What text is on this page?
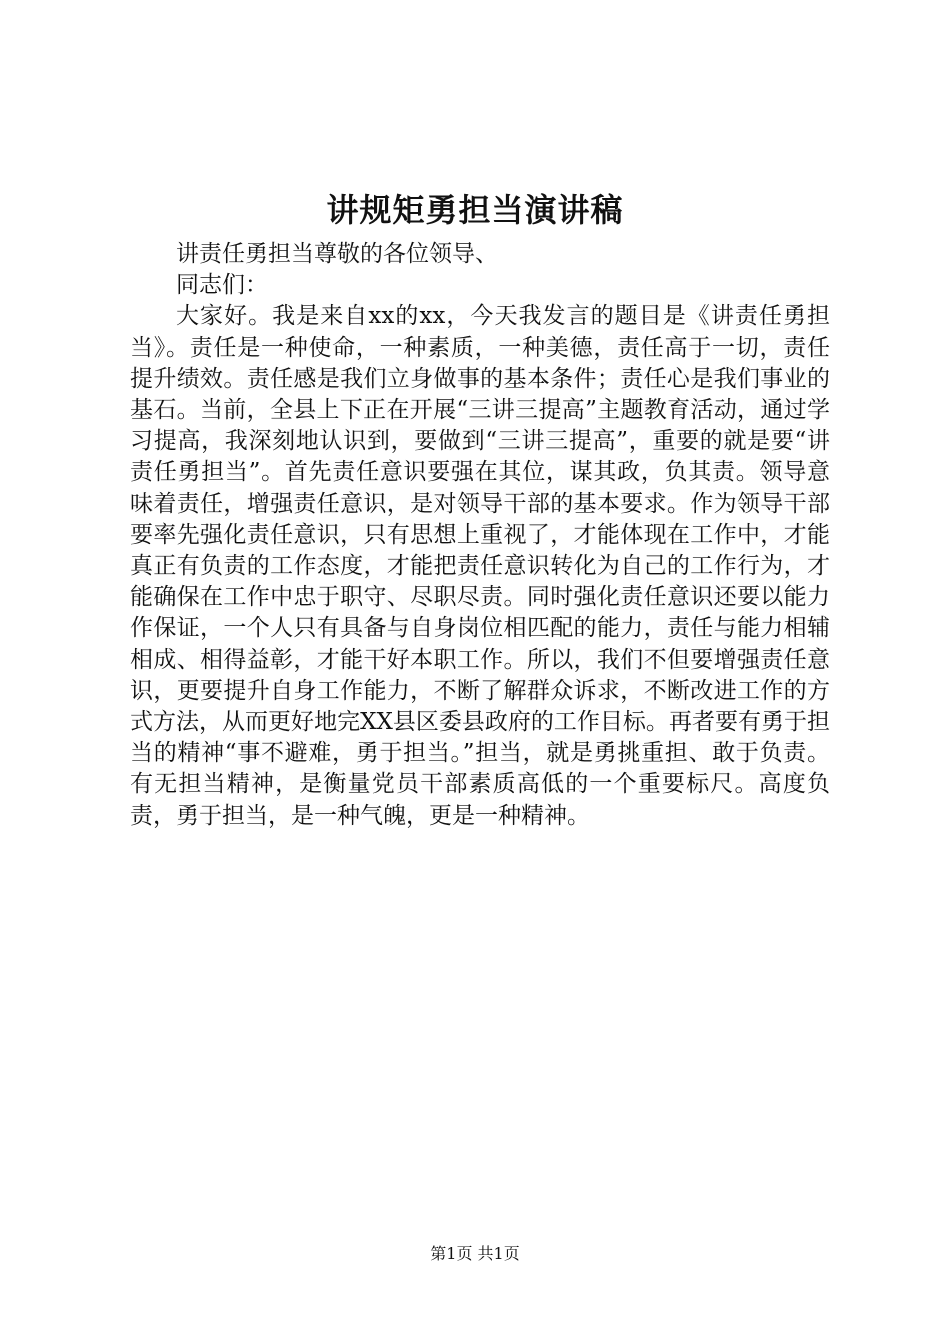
讲规矩勇担当演讲稿

讲责任勇担当尊敬的各位领导、

同志们：

大家好。我是来自xx的xx，今天我发言的题目是《讲责任勇担当》。责任是一种使命，一种素质，一种美德，责任高于一切，责任提升绩效。责任感是我们立身做事的基本条件；责任心是我们事业的基石。当前，全县上下正在开展“三讲三提高”主题教育活动，通过学习提高，我深刻地认识到，要做到“三讲三提高”，重要的就是要“讲责任勇担当”。首先责任意识要强在其位，谋其政，负其责。领导意味着责任，增强责任意识，是对领导干部的基本要求。作为领导干部要率先强化责任意识，只有思想上重视了，才能体现在工作中，才能真正有负责的工作态度，才能把责任意识转化为自己的工作行为，才能确保在工作中忠于职守、尽职尽责。同时强化责任意识还要以能力作保证，一个人只有具备与自身岗位相匹配的能力，责任与能力相辅相成、相得益彰，才能干好本职工作。所以，我们不但要增强责任意识，更要提升自身工作能力，不断了解群众诉求，不断改进工作的方式方法，从而更好地完XX县区委县政府的工作目标。再者要有勇于担当的精神“事不避难，勇于担当。”担当，就是勇挑重担、敢于负责。有无担当精神，是衡量党员干部素质高低的一个重要标尺。高度负责，勇于担当，是一种气魄，更是一种精神。

第1页 共1页
